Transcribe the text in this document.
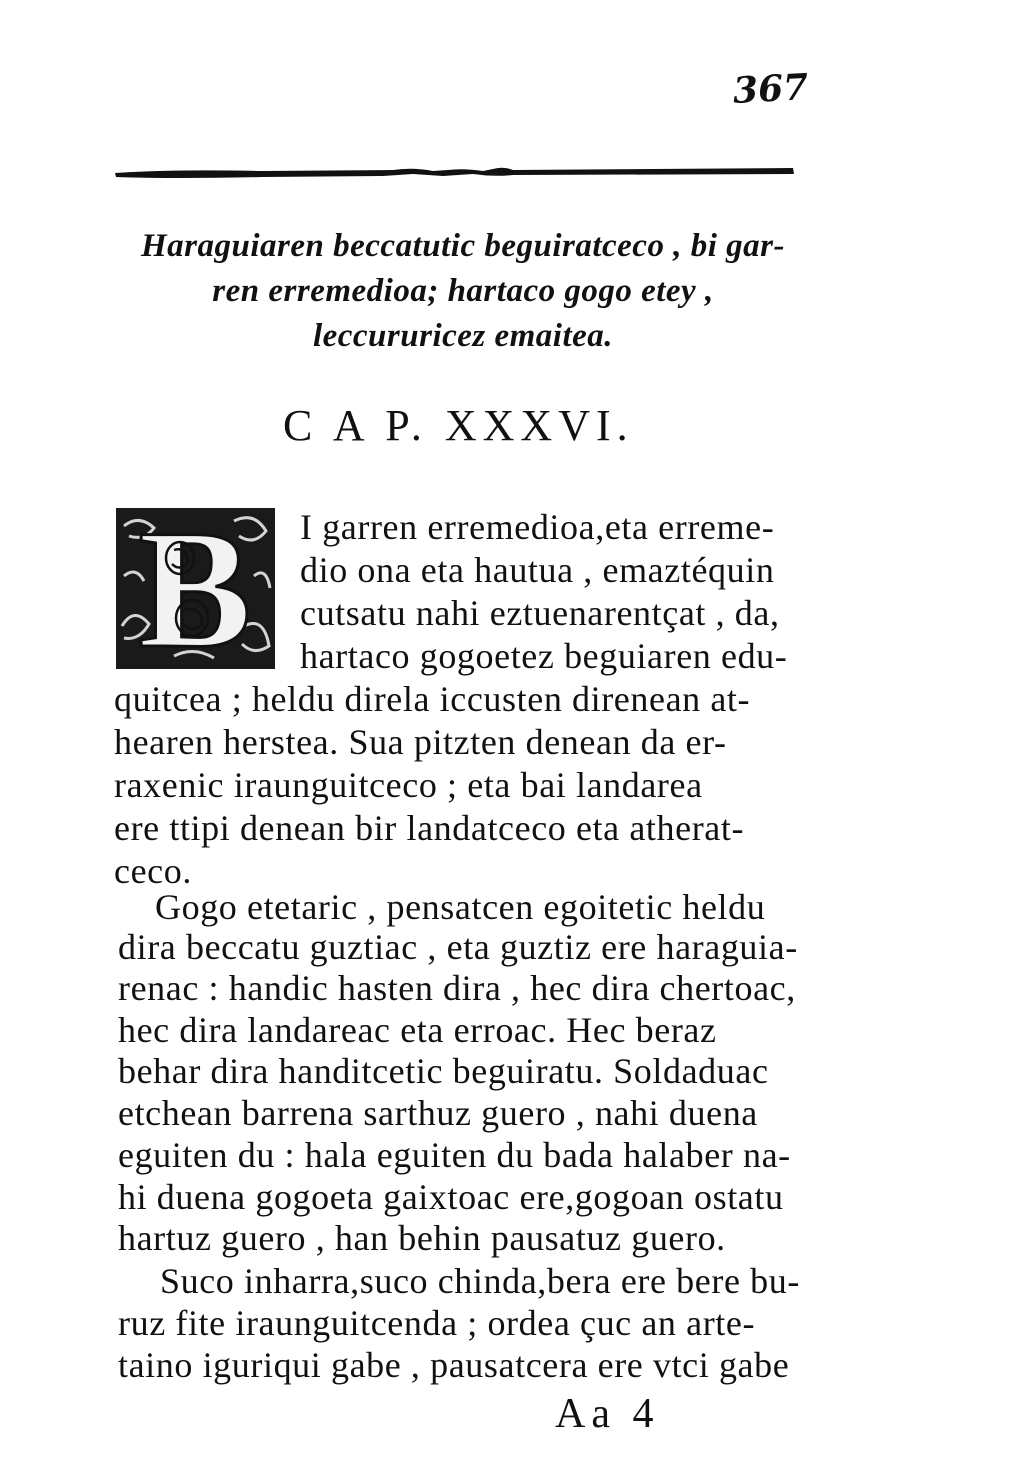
367
Haraguiaren beccatutic beguiratceco , bi gar-
ren erremedioa; hartaco gogo etey ,
leccururicez emaitea.
C A P. XXXVI.
B I garren erremedioa,eta erreme-
dio ona eta hautua , emaztéquin
cutsatu nahi eztuenarentçat , da,
hartaco gogoetez beguiaren edu-
quitcea ; heldu direla iccusten direnean at-
hearen herstea. Sua pitzten denean da er-
raxenic iraunguitceco ; eta bai landarea
ere ttipi denean bir landatceco eta atherat-
ceco.
Gogo etetaric , pensatcen egoitetic heldu
dira beccatu guztiac , eta guztiz ere haraguia-
renac : handic hasten dira , hec dira chertoac,
hec dira landareac eta erroac. Hec beraz
behar dira handitcetic beguiratu. Soldaduac
etchean barrena sarthuz guero , nahi duena
eguiten du : hala eguiten du bada halaber na-
hi duena gogoeta gaixtoac ere,gogoan ostatu
hartuz guero , han behin pausatuz guero.
Suco inharra,suco chinda,bera ere bere bu-
ruz fite iraunguitcenda ; ordea çuc an arte-
taino iguriqui gabe , pausatcera ere vtci gabe
Aa 4
